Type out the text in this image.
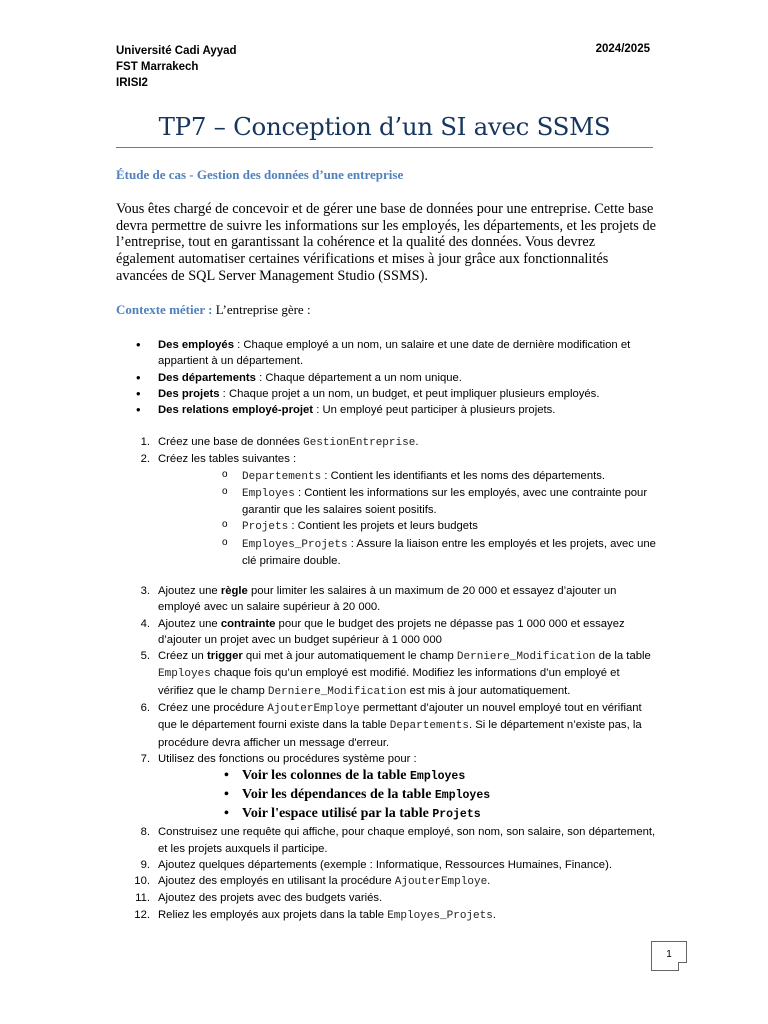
Université Cadi Ayyad
FST Marrakech
IRISI2
2024/2025
TP7 – Conception d’un SI avec SSMS
Étude de cas - Gestion des données d’une entreprise
Vous êtes chargé de concevoir et de gérer une base de données pour une entreprise. Cette base devra permettre de suivre les informations sur les employés, les départements, et les projets de l’entreprise, tout en garantissant la cohérence et la qualité des données. Vous devrez également automatiser certaines vérifications et mises à jour grâce aux fonctionnalités avancées de SQL Server Management Studio (SSMS).
Contexte métier : L’entreprise gère :
• Des employés : Chaque employé a un nom, un salaire et une date de dernière modification et appartient à un département.
• Des départements : Chaque département a un nom unique.
• Des projets : Chaque projet a un nom, un budget, et peut impliquer plusieurs employés.
• Des relations employé-projet : Un employé peut participer à plusieurs projets.
1. Créez une base de données GestionEntreprise.
2. Créez les tables suivantes :
o Departements : Contient les identifiants et les noms des départements.
o Employes : Contient les informations sur les employés, avec une contrainte pour garantir que les salaires soient positifs.
o Projets : Contient les projets et leurs budgets
o Employes_Projets : Assure la liaison entre les employés et les projets, avec une clé primaire double.
3. Ajoutez une règle pour limiter les salaires à un maximum de 20 000 et essayez d’ajouter un employé avec un salaire supérieur à 20 000.
4. Ajoutez une contrainte pour que le budget des projets ne dépasse pas 1 000 000 et essayez d’ajouter un projet avec un budget supérieur à 1 000 000
5. Créez un trigger qui met à jour automatiquement le champ Derniere_Modification de la table Employes chaque fois qu’un employé est modifié. Modifiez les informations d’un employé et vérifiez que le champ Derniere_Modification est mis à jour automatiquement.
6. Créez une procédure AjouterEmploye permettant d’ajouter un nouvel employé tout en vérifiant que le département fourni existe dans la table Departements. Si le département n’existe pas, la procédure devra afficher un message d'erreur.
7. Utilisez des fonctions ou procédures système pour :
• Voir les colonnes de la table Employes
• Voir les dépendances de la table Employes
• Voir l'espace utilisé par la table Projets
8. Construisez une requête qui affiche, pour chaque employé, son nom, son salaire, son département, et les projets auxquels il participe.
9. Ajoutez quelques départements (exemple : Informatique, Ressources Humaines, Finance).
10. Ajoutez des employés en utilisant la procédure AjouterEmploye.
11. Ajoutez des projets avec des budgets variés.
12. Reliez les employés aux projets dans la table Employes_Projets.
1
